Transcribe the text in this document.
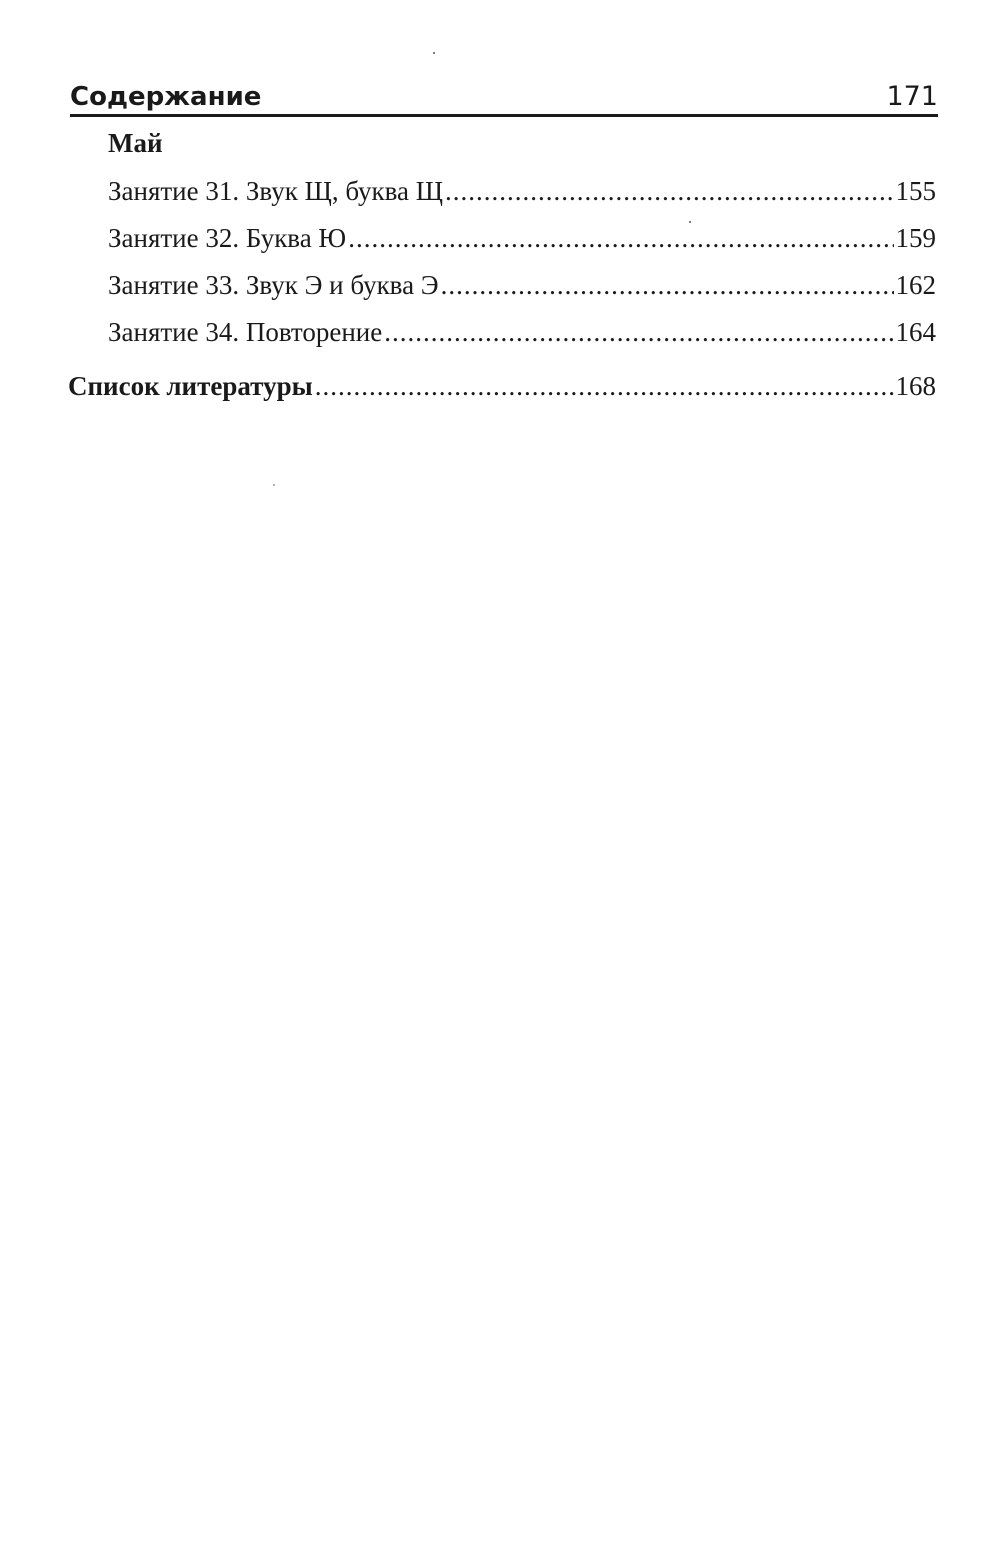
Содержание	171
Май
Занятие 31. Звук Щ, буква Щ .....	155
Занятие 32. Буква Ю .....	159
Занятие 33. Звук Э и буква Э .....	162
Занятие 34. Повторение .....	164
Список литературы .....	168
